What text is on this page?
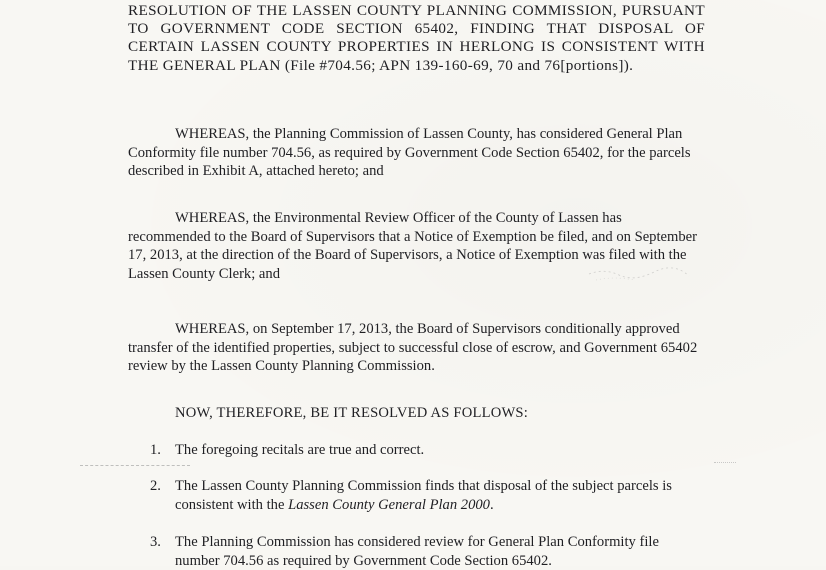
RESOLUTION OF THE LASSEN COUNTY PLANNING COMMISSION, PURSUANT TO GOVERNMENT CODE SECTION 65402, FINDING THAT DISPOSAL OF CERTAIN LASSEN COUNTY PROPERTIES IN HERLONG IS CONSISTENT WITH THE GENERAL PLAN (File #704.56; APN 139-160-69, 70 and 76[portions]).

WHEREAS, the Planning Commission of Lassen County, has considered General Plan Conformity file number 704.56, as required by Government Code Section 65402, for the parcels described in Exhibit A, attached hereto; and

WHEREAS, the Environmental Review Officer of the County of Lassen has recommended to the Board of Supervisors that a Notice of Exemption be filed, and on September 17, 2013, at the direction of the Board of Supervisors, a Notice of Exemption was filed with the Lassen County Clerk; and

WHEREAS, on September 17, 2013, the Board of Supervisors conditionally approved transfer of the identified properties, subject to successful close of escrow, and Government 65402 review by the Lassen County Planning Commission.

NOW, THEREFORE, BE IT RESOLVED AS FOLLOWS:

1. The foregoing recitals are true and correct.
2. The Lassen County Planning Commission finds that disposal of the subject parcels is consistent with the Lassen County General Plan 2000.
3. The Planning Commission has considered review for General Plan Conformity file number 704.56 as required by Government Code Section 65402.
